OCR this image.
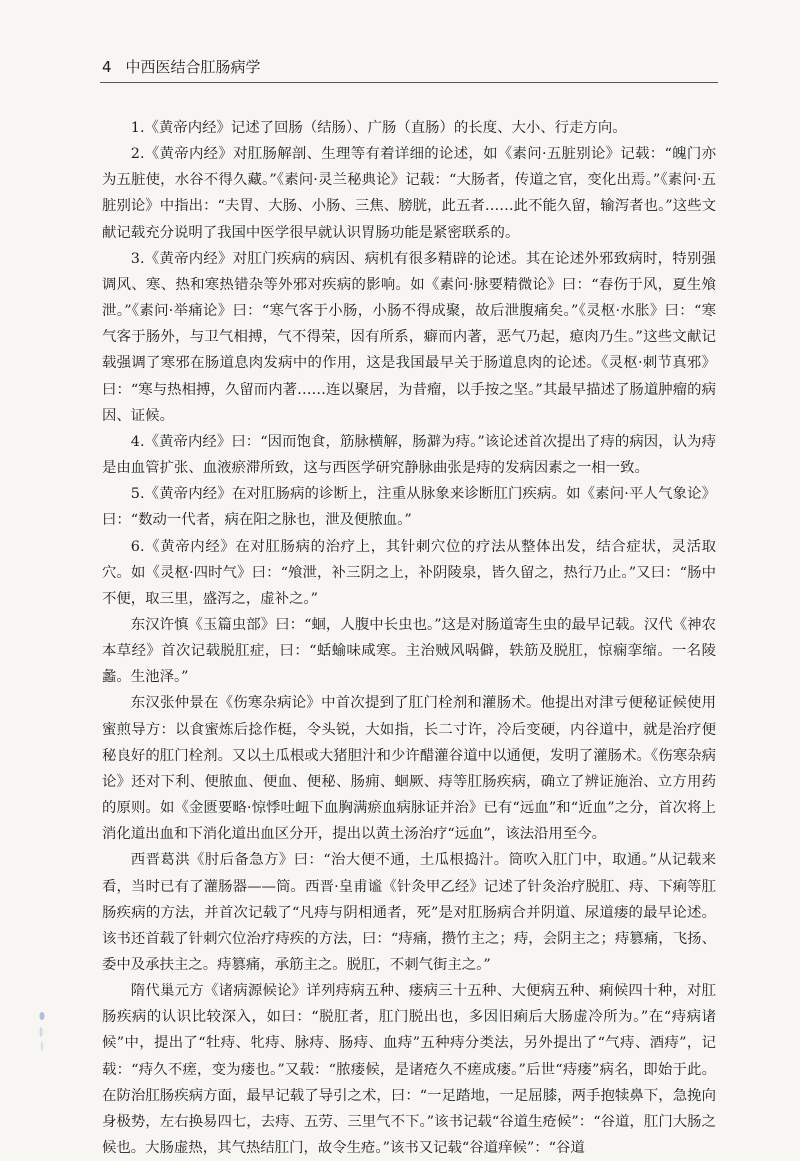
4 中西医结合肛肠病学

1.《黄帝内经》记述了回肠（结肠）、广肠（直肠）的长度、大小、行走方向。

2.《黄帝内经》对肛肠解剖、生理等有着详细的论述，如《素问·五脏别论》记载：“魄门亦为五脏使，水谷不得久藏。”《素问·灵兰秘典论》记载：“大肠者，传道之官，变化出焉。”《素问·五脏别论》中指出：“夫胃、大肠、小肠、三焦、膀胱，此五者……此不能久留，输泻者也。”这些文献记载充分说明了我国中医学很早就认识胃肠功能是紧密联系的。

3.《黄帝内经》对肛门疾病的病因、病机有很多精辟的论述。其在论述外邪致病时，特别强调风、寒、热和寒热错杂等外邪对疾病的影响。如《素问·脉要精微论》曰：“春伤于风，夏生飧泄。”《素问·举痛论》曰：“寒气客于小肠，小肠不得成聚，故后泄腹痛矣。”《灵枢·水胀》曰：“寒气客于肠外，与卫气相搏，气不得荣，因有所系，癖而内著，恶气乃起，瘜肉乃生。”这些文献记载强调了寒邪在肠道息肉发病中的作用，这是我国最早关于肠道息肉的论述。《灵枢·刺节真邪》曰：“寒与热相搏，久留而内著……连以聚居，为昔瘤，以手按之坚。”其最早描述了肠道肿瘤的病因、证候。

4.《黄帝内经》曰：“因而饱食，筋脉横解，肠澼为痔。”该论述首次提出了痔的病因，认为痔是由血管扩张、血液瘀滞所致，这与西医学研究静脉曲张是痔的发病因素之一相一致。

5.《黄帝内经》在对肛肠病的诊断上，注重从脉象来诊断肛门疾病。如《素问·平人气象论》曰：“数动一代者，病在阳之脉也，泄及便脓血。”

6.《黄帝内经》在对肛肠病的治疗上，其针刺穴位的疗法从整体出发，结合症状，灵活取穴。如《灵枢·四时气》曰：“飧泄，补三阴之上，补阴陵泉，皆久留之，热行乃止。”又曰：“肠中不便，取三里，盛泻之，虚补之。”

东汉许慎《玉篇虫部》曰：“蛔，人腹中长虫也。”这是对肠道寄生虫的最早记载。汉代《神农本草经》首次记载脱肛症，曰：“蛞蝓味咸寒。主治贼风㖞僻，轶筋及脱肛，惊痫挛缩。一名陵蠡。生池泽。”

东汉张仲景在《伤寒杂病论》中首次提到了肛门栓剂和灌肠术。他提出对津亏便秘证候使用蜜煎导方：以食蜜炼后捻作梃，令头锐，大如指，长二寸许，冷后变硬，内谷道中，就是治疗便秘良好的肛门栓剂。又以土瓜根或大猪胆汁和少许醋灌谷道中以通便，发明了灌肠术。《伤寒杂病论》还对下利、便脓血、便血、便秘、肠痈、蛔厥、痔等肛肠疾病，确立了辨证施治、立方用药的原则。如《金匮要略·惊悸吐衄下血胸满瘀血病脉证并治》已有“远血”和“近血”之分，首次将上消化道出血和下消化道出血区分开，提出以黄土汤治疗“远血”，该法沿用至今。

西晋葛洪《肘后备急方》曰：“治大便不通，土瓜根捣汁。筒吹入肛门中，取通。”从记载来看，当时已有了灌肠器——筒。西晋·皇甫谧《针灸甲乙经》记述了针灸治疗脱肛、痔、下痢等肛肠疾病的方法，并首次记载了“凡痔与阴相通者，死”是对肛肠病合并阴道、尿道瘘的最早论述。该书还首载了针刺穴位治疗痔疾的方法，曰：“痔痛，攒竹主之；痔，会阴主之；痔篡痛，飞扬、委中及承扶主之。痔篡痛，承筋主之。脱肛，不刺气街主之。”

隋代巢元方《诸病源候论》详列痔病五种、瘘病三十五种、大便病五种、痢候四十种，对肛肠疾病的认识比较深入，如曰：“脱肛者，肛门脱出也，多因旧痢后大肠虚冷所为。”在“痔病诸候”中，提出了“牡痔、牝痔、脉痔、肠痔、血痔”五种痔分类法，另外提出了“气痔、酒痔”，记载：“痔久不瘥，变为瘘也。”又载：“脓瘘候，是诸疮久不瘥成瘘。”后世“痔瘘”病名，即始于此。在防治肛肠疾病方面，最早记载了导引之术，曰：“一足踏地，一足屈膝，两手抱犊鼻下，急挽向身极势，左右换易四七，去痔、五劳、三里气不下。”该书记载“谷道生疮候”：“谷道，肛门大肠之候也。大肠虚热，其气热结肛门，故令生疮。”该书又记载“谷道痒候”：“谷道
